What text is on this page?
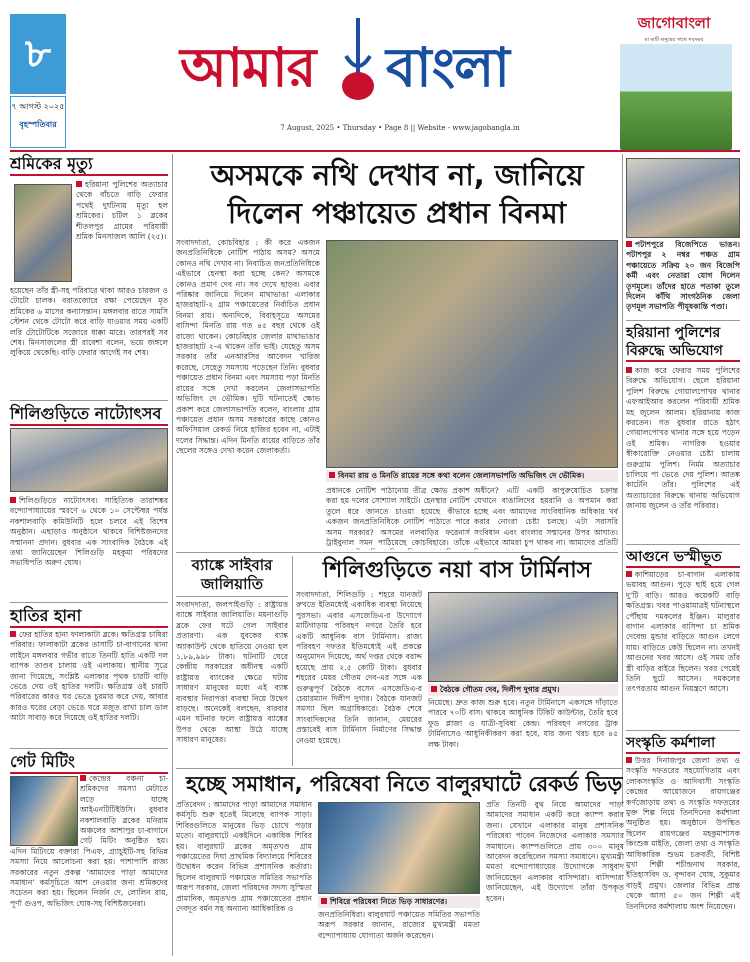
৮
৭ আগস্ট ২০২৫
বৃহস্পতিবার
আমার বাংলা
7 August, 2025 • Thursday • Page 8 || Website - www.jagobangla.in
জাগোবাংলা
মা মাটি মানুষের সাথে সবসময়
শ্রমিকের মৃত্যু
হরিয়ানা পুলিশের অত্যাচার থেকে বাঁচতে বাড়ি ফেরার পথেই দুর্ঘটনায় মৃত্যু হল শ্রমিকের। চটিল ১ ব্লকের শীতলপুর গ্রামের পরিযায়ী শ্রমিক মিনসাজল আলি (২৫)।
হয়েছেন তাঁর স্ত্রী-সহ পরিবারে থাকা আরও চারজন ও টোটো চালক। বরাতজোরে রক্ষা পেয়েছেন মৃত শ্রমিকের ৬ মাসের কন্যাসন্তান। মঙ্গলবার রাতে সামসি স্টেশন থেকে টোটো করে বাড়ি যাওয়ার সময় একটি লরি টোটোটিকে সজোরে ধাক্কা মারে। তারপরই সব শেষ। মিনসাজলের স্ত্রী রাবেশা বলেন, ভয়ে জঙ্গলে লুকিয়ে থেকেছি। বাড়ি ফেরার আগেই সব শেষ।
শিলিগুড়িতে নাট্যোৎসব
শিলিগুড়িতে নাট্যোৎসব। সাহিত্যিক তারাশঙ্কর বন্দ্যোপাধ্যায়ের স্মরণে ৬ থেকে ১০ সেপ্টেম্বর পর্যন্ত নকশালবাড়ি কমিউনিটি হলে চলবে এই বিশেষ অনুষ্ঠান। এছাড়াও অনুষ্ঠানে থাকবে বিশিষ্টজনদের সম্মাননা প্রদান। বুধবার এক সাংবাদিক বৈঠকে এই তথ্য জানিয়েছেন শিলিগুড়ি মহকুমা পরিষদের সভাধিপতি অরুণ ঘোষ।
হাতির হানা
ফের হাতির হানা ফালাকাটা ব্লকে। ক্ষতিগ্রস্ত চাষিরা পরিবার। ফালাকাটা ব্লকের তাসাটি চা-বাগানের থানা লাইনে মঙ্গলবার গভীর রাতে তিনটি হাতি একটি দল ব্যাপক তাণ্ডব চালায় ওই এলাকায়। স্থানীয় সূত্রে জানা গিয়েছে, সংশ্লিষ্ট এলাকার পৃথক চারটি বাড়ি ভেঙে দেয় ওই হাতির দলটি। ক্ষতিগ্রস্ত ওই চারটি পরিবারের কারও ঘর ভেঙে চুরমার করে দেয়, আবার কারও ঘরের বেড়া ভেঙে ঘরে মজুত রাখা চাল ডাল আটা সাবাড় করে দিয়েছে ওই হাতির দলটি।
গেট মিটিং
কেন্দ্রের বঞ্চনা চা-শ্রমিকদের সমস্যা মেটাতে লড়ে যাচ্ছে আইএনটিটিইউসি। বুধবার নকশালবাড়ি ব্লকের মনিরাম অঞ্চলের আশাপুর চা-বাগানে গেট মিটিং অনুষ্ঠিত হয়। এদিন মিটিংয়ে বক্তারা পিএফ, গ্র্যাচুইটি-সহ বিভিন্ন সমস্যা নিয়ে আলোচনা করা হয়। পাশাপাশি রাজ্য সরকারের নতুন প্রকল্প ‘আমাদের পাড়া আমাদের সমাধান’ কর্মসূচিতে আশ নেওয়ার জন্য শ্রমিকদের সচেতন করা হয়। ছিলেন নির্জন দে, লোলিন রায়, পূর্ণা গুওপ, অভিজিৎ ঘোষ-সহ বিশিষ্টজনেরা।
অসমকে নথি দেখাব না, জানিয়ে
দিলেন পঞ্চায়েত প্রধান বিনমা
সংবাদদাতা, কোচবিহার : কী করে একজন জনপ্রতিনিধিকে নোটিশ পাঠায় অসম? অসমে কোনও নথি দেখাব না। নিবাচিত জনপ্রতিনিধিকে এইভাবে হেনস্থা করা হচ্ছে কেন? অসমকে কোনও প্রমাণ দেব না। সব দেখে ছাড়ব। এবার পরিষ্কার জানিয়ে দিলেন মাথাভাঙা এলাকার হাজরাহাট-২ গ্রাম পঞ্চায়েতের নির্বাচিত প্রধান বিনমা রায়। অন্যদিকে, বিবাহসূত্রে অসমের বাসিন্দা মিনতি রায় গত ৪৫ বছর থেকে ওই রাজ্যে থাকেন। কোচবিহার জেলার মাথাভাঙার হাজরাহাট ২-এ থাকেন তাঁর ভাই। যেহেতু অসম সরকার তাঁর এনআরসির আবেদন খারিজ করেছে, সেহেতু সমস্যায় পড়েছেন তিনি। বুধবার পঞ্চায়েত প্রধান বিনমা এবং সমস্যায় পড়া মিনতি রায়ের সঙ্গে দেখা করলেন জেলাসভাপতি অভিজিৎ দে ভৌমিক। দুটি ঘটনাতেই ক্ষোভ প্রকাশ করে জেলাসভাপতি বলেন, বাংলার গ্রাম পঞ্চায়েত প্রধান অসম সরকারের কাছে কোনও অফিসিয়াল রেকর্ড নিয়ে হাজির হবেন না, এটাই দলের সিদ্ধান্ত। এদিন মিনতি রায়ের বাড়িতে তাঁর ছেলের সঙ্গেও দেখা করেন জেলাকর্তা।
বিনমা রায় ও মিনতি রায়ের সঙ্গে কথা বলেন জেলাসভাপতি অভিজিৎ দে ভৌমিক।
প্রধানকে নোটিশ পাঠানোয় তীব্র ক্ষোভ প্রকাশ করা হয় দলের সোশ্যাল সাইটে। হেনস্থার নোটিশ তুলে ধরে জানতে চাওয়া হয়েছে কীভাবে একজন জনপ্রতিনিধিকে নোটিশ পাঠাতে পারে অসম সরকার? অসমের নলবাড়ির ফরেনার্স ট্রাইবুনাল সমন পাঠিয়েছে কোচবিহারে। তাঁকে
অধীনে? এটি একটি কাপুরুষোচিত চক্রান্ত যেখানে বাঙালিদের হয়রানি ও অপমান করা হচ্ছে এবং আমাদের সাংবিধানিক অধিকার খর্ব করার নোংরা চেষ্টা চলছে। এটা সরাসরি সংবিধান এবং বাংলার সম্মানের উপর আঘাত। এইভাবে আমরা চুপ থাকব না। আমাদের প্রতিটি
পটাশপুরে বিজেপিতে ভাঙন। পটাশপুর ২ নম্বর পঞ্চত গ্রাম পঞ্চায়েতে সক্রিয় ২০ জন বিজেপি কর্মী এবং নেতারা যোগ দিলেন তৃণমূলে। তাঁদের হাতে পতাকা তুলে দিলেন কাঁথি সাংগঠনিক জেলা তৃণমূল সভাপতি পীযূষকান্তি পণ্ডা।
হরিয়ানা পুলিশের বিরুদ্ধে অভিযোগ
কাজ করে ফেরার সময় পুলিশের বিরুদ্ধে অভিযোগ। ছেলে হরিয়ানা পুলিশ বিরুদ্ধে গোয়ালপোখর থানার এফআইআর করলেন পরিযায়ী শ্রমিক মহ জুলেন আলম। হরিয়ানায় কাজ করতেন। গত বুধবার রাতে হঠাৎ গোয়ালপোখর থানার সঙ্গে হয়ে পড়েন ওই শ্রমিক। নাগরিক হওয়ার স্বীকারোক্তি নেওয়ার চেষ্টা চালায় গুরুগ্রাম পুলিশ। নির্মম অত্যাচার চালিয়ে পা ভেঙে দেয় পুলিশ। আতঙ্ক কাটেনি তাঁর। পুলিশের এই অত্যাচারের বিরুদ্ধে থানায় অভিযোগ জানায় জুলেন ও তাঁর পরিবার।
আগুনে ভস্মীভূত
কাশিয়াড়ের চা-বাগান এলাকায় ভয়াবহ আগুন। পুড়ে ছাই হয়ে গেল দু'টি বাড়ি। আরও কয়েকটি বাড়ি ক্ষতিগ্রস্ত। খবর পাওয়ামাত্রই ঘটনাস্থলে পৌঁছায় দমকলের ইঞ্জিন। মালুরার বাগান এলাকার বাসিন্দা চা শ্রমিক দেবেন্দ্র মুন্ডার বাড়িতে আগুন লেগে যায়। বাড়িতে কেউ ছিলেন না। তখনই আগুনের খবর আসে। ওই সময় তাঁর স্ত্রী বাড়ির বাইরে ছিলেন। খবর পেয়েই তিনি ছুটে আসেন। দমকলের তৎপরতায় আগুন নিয়ন্ত্রণে আসে।
সংস্কৃতি কর্মশালা
উত্তর দিনাজপুর জেলা তথ্য ও সংস্কৃতি দফতরের সহযোগিতায় এবং লোকসংস্কৃতি ও আদিবাসী সংস্কৃতি কেন্দ্রের আয়োজনে রায়গঞ্জের কর্ণজোড়ায় তথ্য ও সংস্কৃতি দফতরের মুক্ত শিল্প নিয়ে তিনদিনের কর্মশালা অনুষ্ঠিত হয়। অনুষ্ঠানে উপস্থিত ছিলেন রায়গঞ্জের মহকুমাশাসক কিংশুক মাইতি, জেলা তথ্য ও সংস্কৃতি আধিকারিক শুভম চক্রবর্তী, বিশিষ্ট মুখা শিল্পী শচীন্দ্রনাথ সরকার, ইতিহাসবিদ ড. বৃন্দাবন ঘোষ, সুকুমার বাড়ই প্রমুখ। জেলার বিভিন্ন প্রান্ত থেকে আসা ৫০ জন শিল্পী এই তিনদিনের কর্মশালায় অংশ নিয়েছেন।
ব্যাঙ্কে সাইবার জালিয়াতি
সংবাদদাতা, জলপাইগুড়ি : রাষ্ট্রায়ত্ত ব্যাঙ্কে সাইবার জালিয়াতি। ময়নাগুড়ি ব্লকে ফের ঘটে গেল সাইবার প্রতারণা। এক যুবকের ব্যাঙ্ক অ্যাকাউন্ট থেকে হাতিয়ে নেওয়া হল ১,৮৯,৯৯৮ টাকা। ঘটনাটি ঘেরে কেন্দ্রীয় সরকারের অধীনস্থ একটি রাষ্ট্রায়ত্ত ব্যাংকের ক্ষেত্রে ঘটায় সাধারণ মানুষের মধ্যে এই ব্যাঙ্ক ব্যবস্থার নিরাপত্তা ব্যবস্থা নিয়ে উদ্বেগ বাড়ছে। অনেকেই বলছেন, বারবার এমন ঘটনার ফলে রাষ্ট্রায়ত্ত ব্যাঙ্কের উপর থেকে আস্থা উঠে যাচ্ছে সাধারণ মানুষের।
শিলিগুড়িতে নয়া বাস টার্মিনাস
সংবাদদাতা, শিলিগুড়ি : শহরে যানজট রুখতে ইতিমধ্যেই একাধিক ব্যবস্থা নিয়েছে পুরসভা। এবার এসজেডিএ-র উদ্যোগে মাটিগাড়ায় পরিবহণ নগরে তৈরি হবে একটি আধুনিক বাস টার্মিনাস। রাজ্য পরিবহণ দফতর ইতিমধ্যেই এই প্রকল্পে অনুমোদন দিয়েছে, অর্থ দপ্তর থেকে বরাদ্দ হয়েছে প্রায় ২.৫ কোটি টাকা। বুধবার শহরের মেয়র গৌতম দেব-এর সঙ্গে এক গুরুত্বপূর্ণ বৈঠকে বসেন এসজেডিএ-র চেয়ারম্যান দিলীপ দুগার। বৈঠকে যানজট সমস্যা ছিল অগ্রাধিকারে। বৈঠক শেষে সাংবাদিকদের তিনি জানান, মেয়রের প্রস্তাবেই বাস টার্মিনাস নির্মাণের সিদ্ধান্ত নেওয়া হয়েছে।
বৈঠকে গৌতম দেব, দিলীপ দুগার প্রমুখ।
নিয়েছে। দ্রুত কাজ শুরু হবে। নতুন টার্মিনাসে একসঙ্গে দাঁড়াতে পারবে ৭০টি বাস। থাকবে আধুনিক টিকিট কাউন্টার, তৈরি হবে ফুড প্লাজা ও যাত্রী-সুবিধা কেন্দ্র। পরিবহণ নগরের ট্রাক টার্মিনাসেও আধুনিকীকরণ করা হবে, যার জন্য খরচ হবে ৪৫ লক্ষ টাকা।
হচ্ছে সমাধান, পরিষেবা নিতে বালুরঘাটে রেকর্ড ভিড়
প্রতিবেদন : আমাদের পাড়া আমাদের সমাধান কর্মসূচি শুরু হতেই মিলেছে ব্যাপক সাড়া। শিবিরগুলিতে মানুষের ভিড় চোখে পড়ার মতো। বালুরঘাটে একইদিনে একাধিক শিবির হয়। বালুরঘাট ব্লকের অমৃতখণ্ড গ্রাম পঞ্চায়েতের দিঘা প্রাথমিক বিদ্যালয়ে শিবিরের উদ্বোধন করেন বিভিন্ন প্রশাসনিক কর্তারা। ছিলেন বালুরঘাট পঞ্চায়েত সমিতির সভাপতি অরূপ সরকার, জেলা পরিষদের সদস্য সুস্মিতা প্রামানিক, অমৃতখণ্ড গ্রাম পঞ্চায়েতের প্রধান দেবদূত বর্মন সহ অন্যান্য আধিকারিক ও
শিবিরে পরিষেবা নিতে ভিড় সাধারণের।
জনপ্রতিনিধিরা। বালুরঘাট পঞ্চায়েত সমিতির সভাপতি অরূপ সরকার জানান, রাজ্যের মুখ্যমন্ত্রী মমতা বন্দ্যোপাধ্যায় যোগ্যতা অর্জন করেছেন।
প্রতি তিনটি বুথ নিয়ে আমাদের পাড়া আমাদের সমাধান একটি করে ক্যাম্প করার জন্য। যেখানে এলাকার মানুষ প্রশাসনিক পরিষেবা পাবেন নিজেদের এলাকার সমস্যার সমাধানে। ক্যাম্পগুলিতে প্রায় ৩০০ মানুষ আবেদন করেছিলেন সমস্যা সমাধানে। মুখ্যমন্ত্রী মমতা বন্দ্যোপাধ্যায়ের উদ্যোগকে সাধুবাদ জানিয়েছেন এলাকার বাসিন্দারা। বাসিন্দারা জানিয়েছেন, এই উদ্যোগে তাঁরা উপকৃত হবেন।
